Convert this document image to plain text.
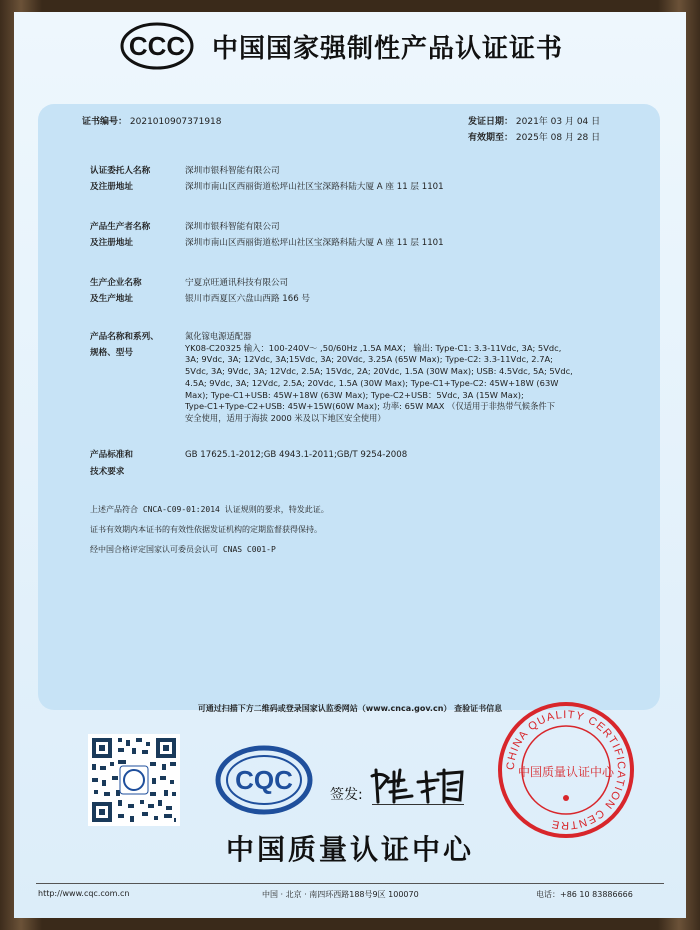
CCC 中国国家强制性产品认证证书
证书编号： 2021010907371918	发证日期： 2021年 03 月 04 日
有效期至： 2025年 08 月 28 日
认证委托人名称	深圳市银科智能有限公司
及注册地址	深圳市南山区西丽街道松坪山社区宝深路科陆大厦 A 座 11 层 1101
产品生产者名称	深圳市银科智能有限公司
及注册地址	深圳市南山区西丽街道松坪山社区宝深路科陆大厦 A 座 11 层 1101
生产企业名称	宁夏京旺通讯科技有限公司
及生产地址	银川市西夏区六盘山西路 166 号
产品名称和系列、
规格、型号
氮化镓电源适配器
YK08-C20325 输入：100-240V～ ,50/60Hz ,1.5A MAX； 输出: Type-C1: 3.3-11Vdc, 3A; 5Vdc,
3A; 9Vdc, 3A; 12Vdc, 3A;15Vdc, 3A; 20Vdc, 3.25A (65W Max); Type-C2: 3.3-11Vdc, 2.7A;
5Vdc, 3A; 9Vdc, 3A; 12Vdc, 2.5A; 15Vdc, 2A; 20Vdc, 1.5A (30W Max); USB: 4.5Vdc, 5A; 5Vdc,
4.5A; 9Vdc, 3A; 12Vdc, 2.5A; 20Vdc, 1.5A (30W Max); Type-C1+Type-C2: 45W+18W (63W
Max); Type-C1+USB: 45W+18W (63W Max); Type-C2+USB：5Vdc, 3A (15W Max);
Type-C1+Type-C2+USB: 45W+15W(60W Max); 功率: 65W MAX （仅适用于非热带气候条件下
安全使用，适用于海拔 2000 米及以下地区安全使用）
产品标准和	GB 17625.1-2012;GB 4943.1-2011;GB/T 9254-2008
技术要求
上述产品符合 CNCA-C09-01:2014 认证规则的要求，特发此证。
证书有效期内本证书的有效性依据发证机构的定期监督获得保持。
经中国合格评定国家认可委员会认可 CNAS C001-P
可通过扫描下方二维码或登录国家认监委网站（www.cnca.gov.cn） 查验证书信息
CQC	签发:
CHINA QUALITY CERTIFICATION CENTRE
中国质量认证中心
中国质量认证中心
http://www.cqc.com.cn	中国 · 北京 · 南四环西路188号9区 100070	电话：+86 10 83886666
